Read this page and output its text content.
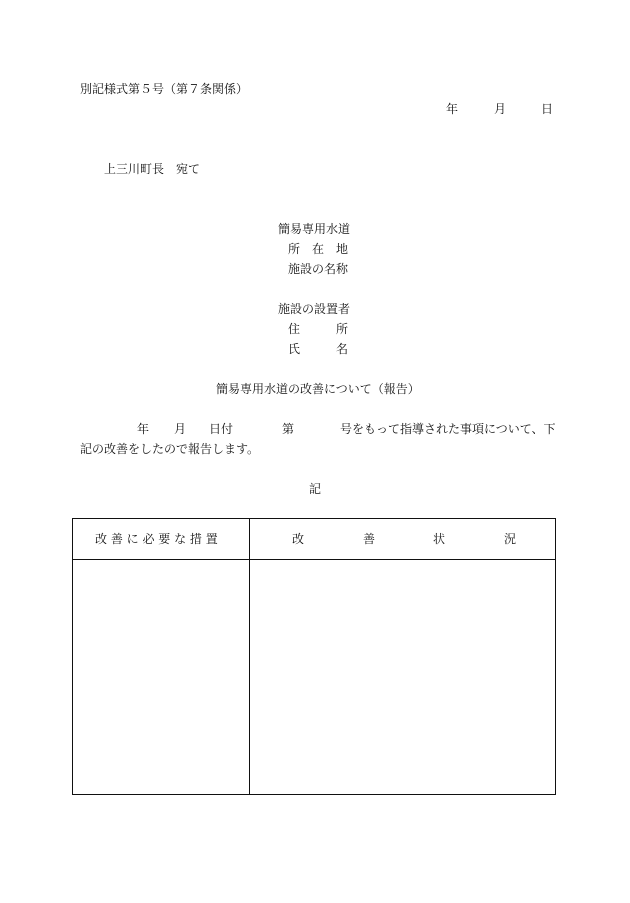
別記様式第５号（第７条関係）
年	月	日
上三川町長　宛て
簡易専用水道
所　在　地
施設の名称
施設の設置者
住　　　所
氏　　　名
簡易専用水道の改善について（報告）
年 月 日付	第	号をもって指導された事項について、下
記の改善をしたので報告します。
記
改 善 に 必 要 な 措 置	改	善	状	況
